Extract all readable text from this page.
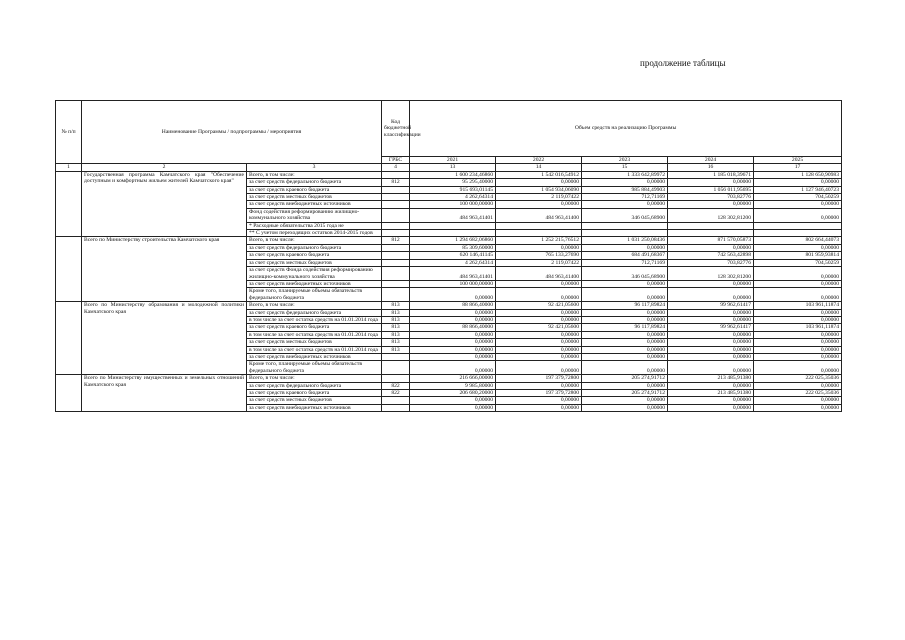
продолжение таблицы
№ п/п	Наименование Программы / подпрограммы / мероприятия		Код бюджетной классификации	Объем средств на реализацию Программы				
			ГРБС	2021	2022	2023	2024	2025
1	2	3	4	13	14	15	16	17
	Государственная программа Камчатского края "Обеспечение доступным и комфортным жильем жителей Камчатского края"	Всего, в том числе:		1 600 234,46860	1 542 016,54912	1 333 642,89972	1 185 018,39671	1 128 650,90983
		за счет средств федерального бюджета	812	95 295,40000	0,00000	0,00000	0,00000	0,00000
		за счет средств краевого бюджета		915 693,01145	1 054 934,06090	985 884,49903	1 056 011,95695	1 127 946,40723
		за счет средств местных бюджетов		4 262,64314	2 119,07422	712,71169	703,82776	704,50259
		за счет средств внебюджетных источников		100 000,00000	0,00000	0,00000	0,00000	0,00000
		Фонд содействия реформированию жилищно-коммунального хозяйства		484 963,41401	484 963,41400	346 045,68900	128 302,81200	0,00000
		* Расходные обязательства 2015 года не						
		** С учетом переходящих остатков 2014-2015 годов						
	Всего по Министерству строительства Камчатского края	Всего, в том числе:	812	1 294 682,06860	1 252 215,76512	1 031 250,08436	871 570,05873	802 664,44073
		за счет средств федерального бюджета		85 309,60000	0,00000	0,00000	0,00000	0,00000
		за счет средств краевого бюджета		620 146,41145	765 133,27690	684 491,68367	742 563,42898	801 959,93814
		за счет средств местных бюджетов		4 262,64314	2 119,07422	712,71169	703,82776	704,50259
		за счет средств Фонда содействия реформированию жилищно-коммунального хозяйства		484 963,41401	484 963,41400	346 045,68900	128 302,81200	0,00000
		за счет средств внебюджетных источников		100 000,00000	0,00000	0,00000	0,00000	0,00000
		Кроме того, планируемые объемы обязательств федерального бюджета		0,00000	0,00000	0,00000	0,00000	0,00000
	Всего по Министерству образования и молодежной политики Камчатского края	Всего, в том числе:	813	88 866,40000	92 421,05600	96 117,89824	99 962,61417	103 961,11874
		за счет средств федерального бюджета	813	0,00000	0,00000	0,00000	0,00000	0,00000
		в том числе за счет остатка средств на 01.01.2014 года	813	0,00000	0,00000	0,00000	0,00000	0,00000
		за счет средств краевого бюджета	813	88 866,40000	92 421,05600	96 117,89824	99 962,61417	103 961,11874
		в том числе за счет остатка средств на 01.01.2014 года	813	0,00000	0,00000	0,00000	0,00000	0,00000
		за счет средств местных бюджетов	813	0,00000	0,00000	0,00000	0,00000	0,00000
		в том числе за счет остатка средств на 01.01.2014 года	813	0,00000	0,00000	0,00000	0,00000	0,00000
		за счет средств внебюджетных источников		0,00000	0,00000	0,00000	0,00000	0,00000
		Кроме того, планируемые объемы обязательств федерального бюджета		0,00000	0,00000	0,00000	0,00000	0,00000
	Всего по Министерству имущественных и земельных отношений Камчатского края	Всего, в том числе:		216 666,00000	197 379,72800	205 274,91712	213 485,91380	222 025,35036
		за счет средств федерального бюджета	822	9 985,80000	0,00000	0,00000	0,00000	0,00000
		за счет средств краевого бюджета	822	206 680,20000	197 379,72800	205 274,91712	213 485,91380	222 025,35036
		за счет средств местных бюджетов		0,00000	0,00000	0,00000	0,00000	0,00000
		за счет средств внебюджетных источников		0,00000	0,00000	0,00000	0,00000	0,00000
